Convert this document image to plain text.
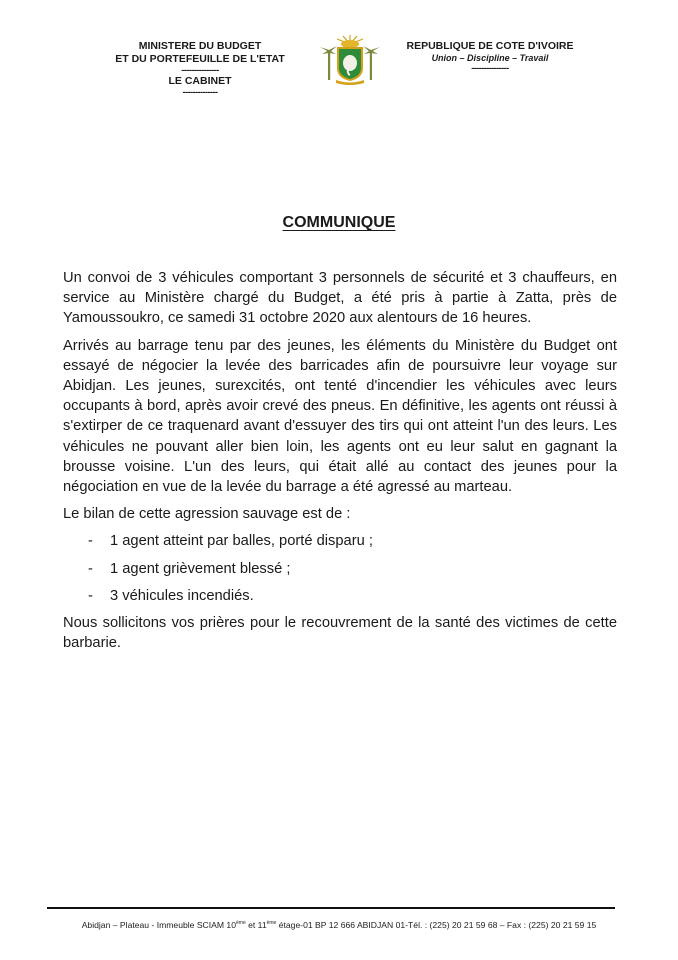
MINISTERE DU BUDGET
ET DU PORTEFEUILLE DE L'ETAT
---------------
LE CABINET
--------------
REPUBLIQUE DE COTE D'IVOIRE
Union – Discipline – Travail
---------------
COMMUNIQUE

Un convoi de 3 véhicules comportant 3 personnels de sécurité et 3 chauffeurs, en service au Ministère chargé du Budget, a été pris à partie à Zatta, près de Yamoussoukro, ce samedi 31 octobre 2020 aux alentours de 16 heures.

Arrivés au barrage tenu par des jeunes, les éléments du Ministère du Budget ont essayé de négocier la levée des barricades afin de poursuivre leur voyage sur Abidjan. Les jeunes, surexcités, ont tenté d'incendier les véhicules avec leurs occupants à bord, après avoir crevé des pneus. En définitive, les agents ont réussi à s'extirper de ce traquenard avant d'essuyer des tirs qui ont atteint l'un des leurs. Les véhicules ne pouvant aller bien loin, les agents ont eu leur salut en gagnant la brousse voisine. L'un des leurs, qui était allé au contact des jeunes pour la négociation en vue de la levée du barrage a été agressé au marteau.

Le bilan de cette agression sauvage est de :

- 1 agent atteint par balles, porté disparu ;
- 1 agent grièvement blessé ;
- 3 véhicules incendiés.

Nous sollicitons vos prières pour le recouvrement de la santé des victimes de cette barbarie.

Abidjan – Plateau - Immeuble SCIAM 10ème et 11ème étage-01 BP 12 666 ABIDJAN 01-Tél. : (225) 20 21 59 68 – Fax : (225) 20 21 59 15
